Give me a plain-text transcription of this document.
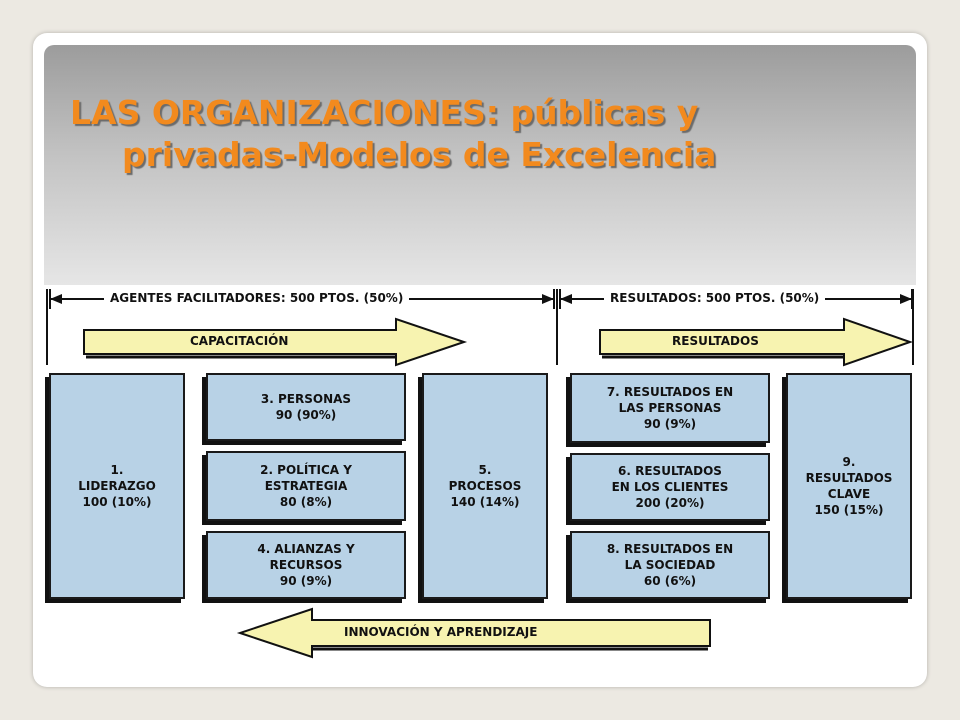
LAS ORGANIZACIONES: públicas y
privadas-Modelos de Excelencia
AGENTES FACILITADORES: 500 PTOS. (50%)	RESULTADOS: 500 PTOS. (50%)
CAPACITACIÓN	RESULTADOS
INNOVACIÓN Y APRENDIZAJE
1.
LIDERAZGO
100 (10%)
3. PERSONAS
90 (90%)
2. POLÍTICA Y
ESTRATEGIA
80 (8%)
4. ALIANZAS Y
RECURSOS
90 (9%)
5.
PROCESOS
140 (14%)
7. RESULTADOS EN
LAS PERSONAS
90 (9%)
6. RESULTADOS
EN LOS CLIENTES
200 (20%)
8. RESULTADOS EN
LA SOCIEDAD
60 (6%)
9.
RESULTADOS
CLAVE
150 (15%)
